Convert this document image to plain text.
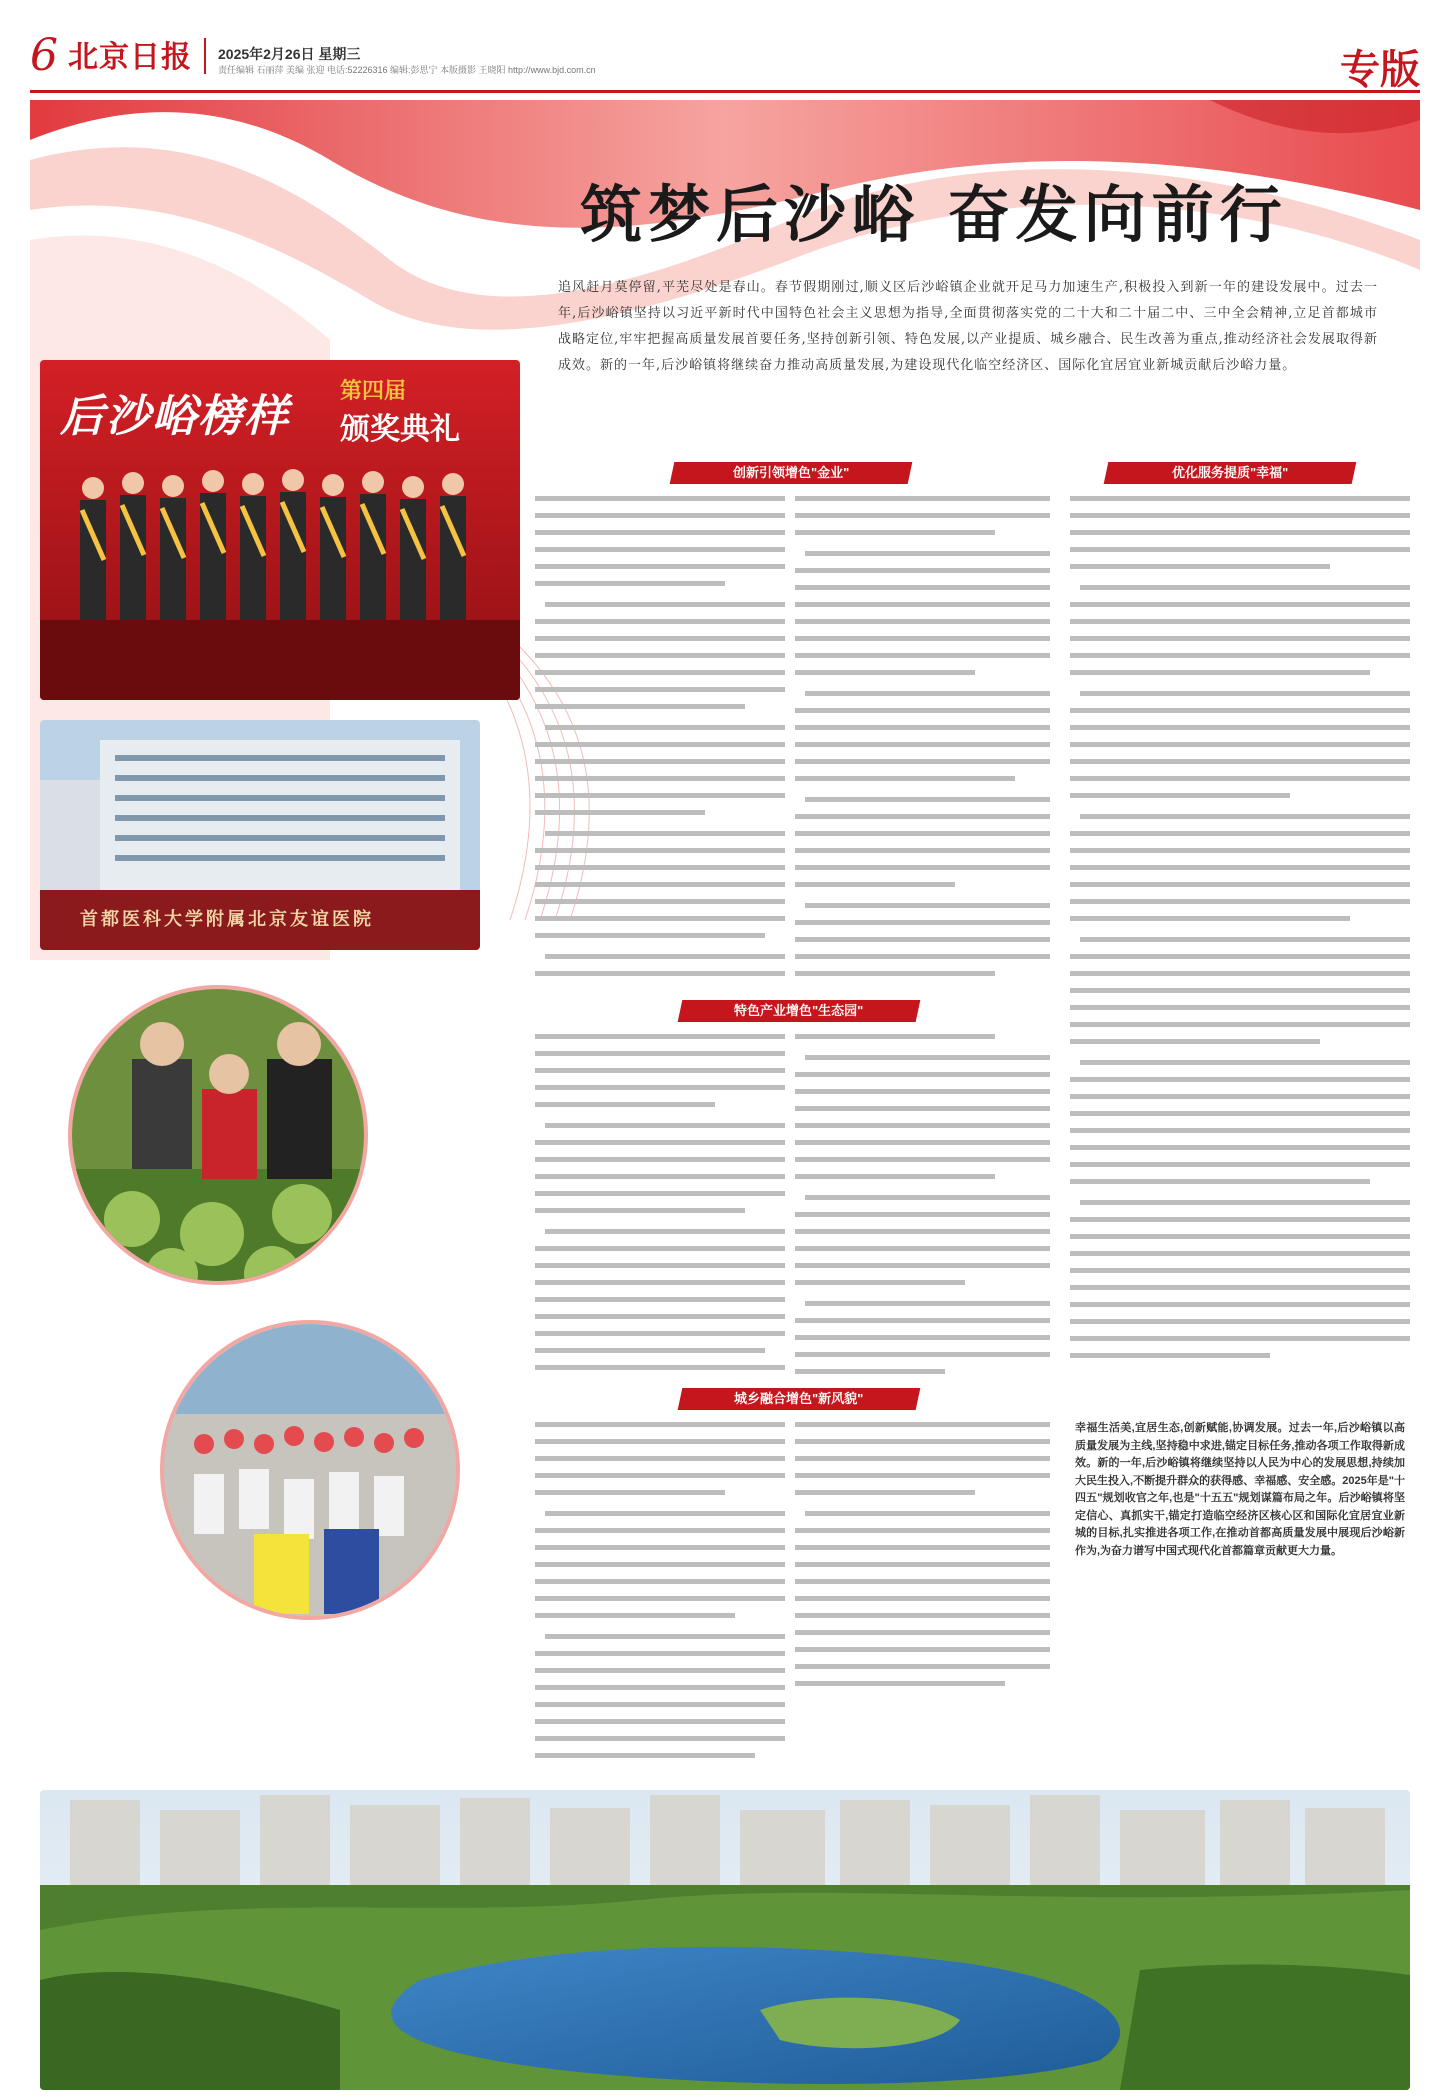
6 北京日报 2025年2月26日 星期三
责任编辑 石丽萍 美编 张迎 电话:52226316 编辑:彭思宁 本版摄影 王晓阳 http://www.bjd.com.cn	专版
筑梦后沙峪 奋发向前行
追风赶月莫停留,平芜尽处是春山。春节假期刚过,顺义区后沙峪镇企业就开足马力加速生产,积极投入到新一年的建设发展中。过去一年,后沙峪镇坚持以习近平新时代中国特色社会主义思想为指导,全面贯彻落实党的二十大和二十届二中、三中全会精神,立足首都城市战略定位,牢牢把握高质量发展首要任务,坚持创新引领、特色发展,以产业提质、城乡融合、民生改善为重点,推动经济社会发展取得新成效。新的一年,后沙峪镇将继续奋力推动高质量发展,为建设现代化临空经济区、国际化宜居宜业新城贡献后沙峪力量。
后沙峪榜样
第四届
颁奖典礼
首都医科大学附属北京友谊医院
创新引领增色"金业"	优化服务提质"幸福"
特色产业增色"生态园"
城乡融合增色"新风貌"
幸福生活美,宜居生态,创新赋能,协调发展。过去一年,后沙峪镇以高质量发展为主线,坚持稳中求进,锚定目标任务,推动各项工作取得新成效。新的一年,后沙峪镇将继续坚持以人民为中心的发展思想,持续加大民生投入,不断提升群众的获得感、幸福感、安全感。2025年是"十四五"规划收官之年,也是"十五五"规划谋篇布局之年。后沙峪镇将坚定信心、真抓实干,锚定打造临空经济区核心区和国际化宜居宜业新城的目标,扎实推进各项工作,在推动首都高质量发展中展现后沙峪新作为,为奋力谱写中国式现代化首都篇章贡献更大力量。
